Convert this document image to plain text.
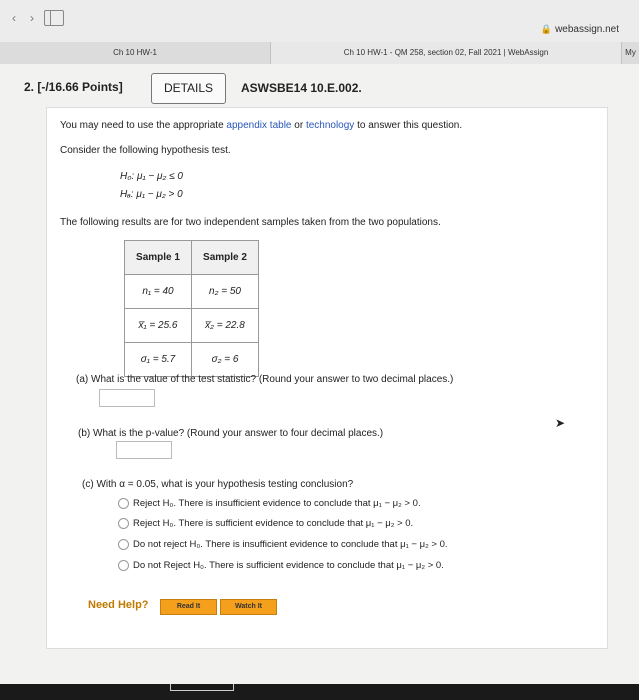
‹	›
🔒 webassign.net
Ch 10 HW-1	Ch 10 HW-1 - QM 258, section 02, Fall 2021 | WebAssign	My
2. [-/16.66 Points]	DETAILS	ASWSBE14 10.E.002.
You may need to use the appropriate appendix table or technology to answer this question.
Consider the following hypothesis test.
H₀: μ₁ − μ₂ ≤ 0
Hₐ: μ₁ − μ₂ > 0
The following results are for two independent samples taken from the two populations.
Sample 1	Sample 2
n₁ = 40	n₂ = 50
x̅₁ = 25.6	x̅₂ = 22.8
σ₁ = 5.7	σ₂ = 6
(a) What is the value of the test statistic? (Round your answer to two decimal places.)
(b) What is the p-value? (Round your answer to four decimal places.)
(c) With α = 0.05, what is your hypothesis testing conclusion?
Reject H₀. There is insufficient evidence to conclude that μ₁ − μ₂ > 0.
Reject H₀. There is sufficient evidence to conclude that μ₁ − μ₂ > 0.
Do not reject H₀. There is insufficient evidence to conclude that μ₁ − μ₂ > 0.
Do not Reject H₀. There is sufficient evidence to conclude that μ₁ − μ₂ > 0.
Need Help?	Read It	Watch It
➤
